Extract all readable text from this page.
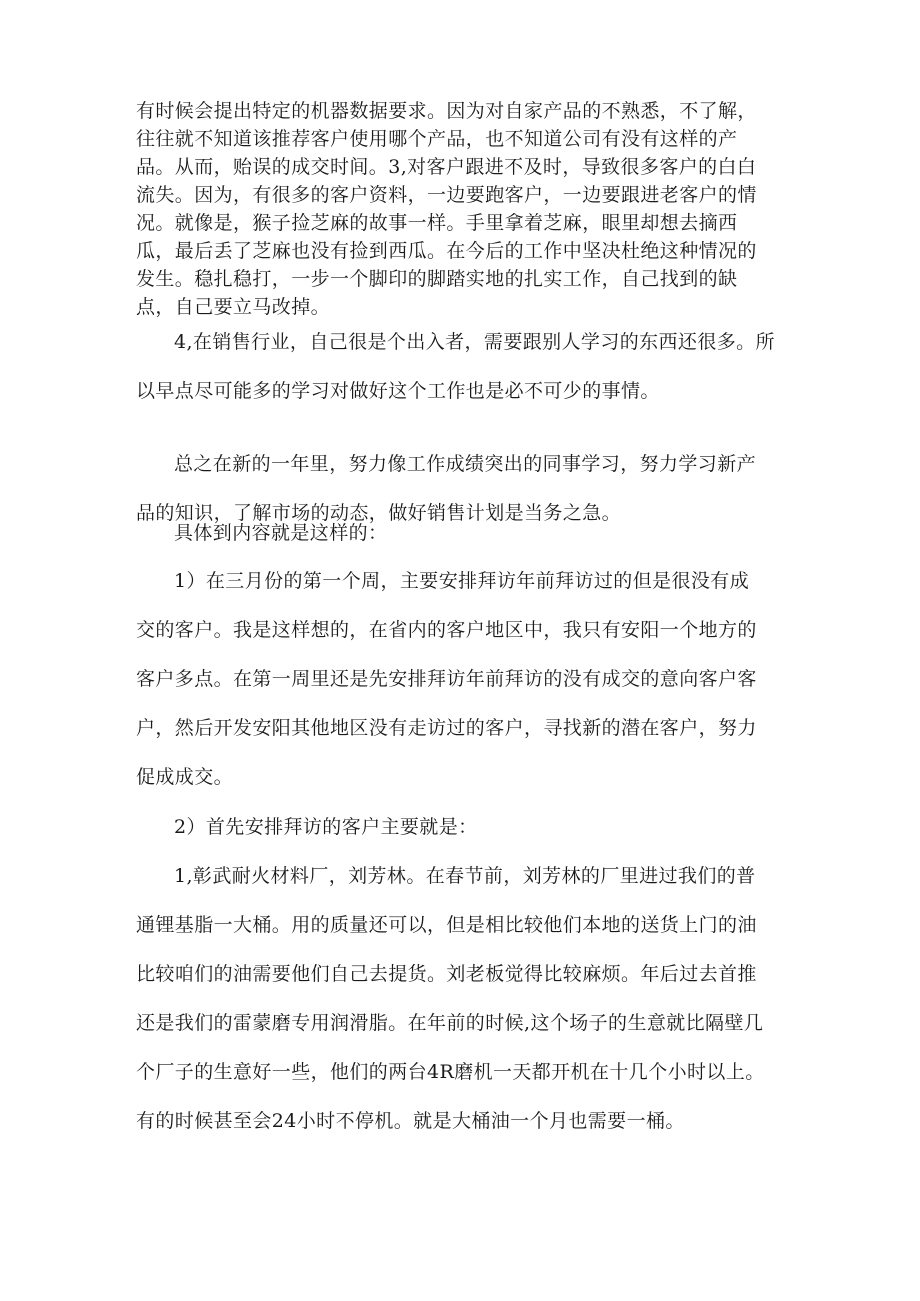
有时候会提出特定的机器数据要求。因为对自家产品的不熟悉，不了解，
往往就不知道该推荐客户使用哪个产品，也不知道公司有没有这样的产
品。从而，贻误的成交时间。3,对客户跟进不及时，导致很多客户的白白
流失。因为，有很多的客户资料，一边要跑客户，一边要跟进老客户的情
况。就像是，猴子捡芝麻的故事一样。手里拿着芝麻，眼里却想去摘西
瓜，最后丢了芝麻也没有捡到西瓜。在今后的工作中坚决杜绝这种情况的
发生。稳扎稳打，一步一个脚印的脚踏实地的扎实工作，自己找到的缺
点，自己要立马改掉。
4,在销售行业，自己很是个出入者，需要跟别人学习的东西还很多。所
以早点尽可能多的学习对做好这个工作也是必不可少的事情。
总之在新的一年里，努力像工作成绩突出的同事学习，努力学习新产
品的知识，了解市场的动态，做好销售计划是当务之急。
具体到内容就是这样的：
1）在三月份的第一个周，主要安排拜访年前拜访过的但是很没有成
交的客户。我是这样想的，在省内的客户地区中，我只有安阳一个地方的
客户多点。在第一周里还是先安排拜访年前拜访的没有成交的意向客户客
户，然后开发安阳其他地区没有走访过的客户，寻找新的潜在客户，努力
促成成交。
2）首先安排拜访的客户主要就是：
1,彰武耐火材料厂，刘芳林。在春节前，刘芳林的厂里进过我们的普
通锂基脂一大桶。用的质量还可以，但是相比较他们本地的送货上门的油
比较咱们的油需要他们自己去提货。刘老板觉得比较麻烦。年后过去首推
还是我们的雷蒙磨专用润滑脂。在年前的时候,这个场子的生意就比隔壁几
个厂子的生意好一些，他们的两台4R磨机一天都开机在十几个小时以上。
有的时候甚至会24小时不停机。就是大桶油一个月也需要一桶。
